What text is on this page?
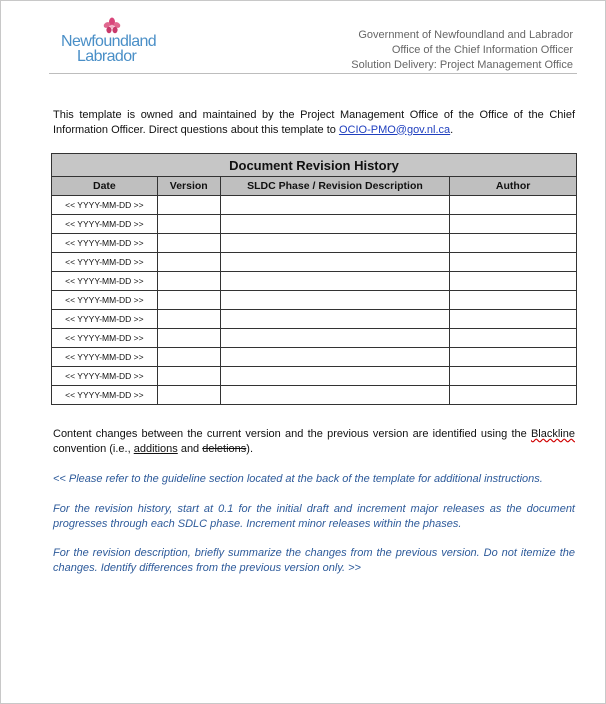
Newfoundland
Labrador
Government of Newfoundland and Labrador
Office of the Chief Information Officer
Solution Delivery: Project Management Office
This template is owned and maintained by the Project Management Office of the Office of the Chief Information Officer. Direct questions about this template to OCIO-PMO@gov.nl.ca.
Document Revision History			
Date	Version	SLDC Phase / Revision Description	Author
<< YYYY-MM-DD >>			
<< YYYY-MM-DD >>			
<< YYYY-MM-DD >>			
<< YYYY-MM-DD >>			
<< YYYY-MM-DD >>			
<< YYYY-MM-DD >>			
<< YYYY-MM-DD >>			
<< YYYY-MM-DD >>			
<< YYYY-MM-DD >>			
<< YYYY-MM-DD >>			
<< YYYY-MM-DD >>			
Content changes between the current version and the previous version are identified using the Blackline convention (i.e., additions and deletions).
<< Please refer to the guideline section located at the back of the template for additional instructions.
For the revision history, start at 0.1 for the initial draft and increment major releases as the document progresses through each SDLC phase. Increment minor releases within the phases.
For the revision description, briefly summarize the changes from the previous version. Do not itemize the changes. Identify differences from the previous version only. >>
